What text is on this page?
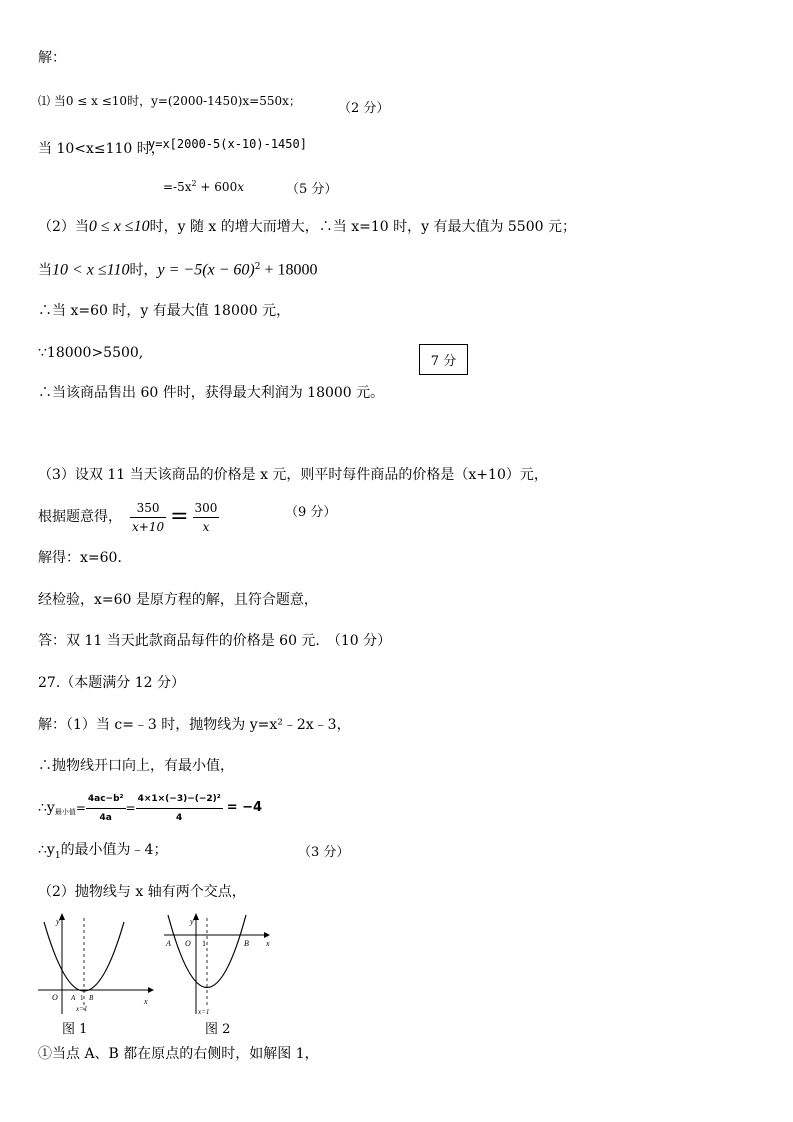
解：
⑴ 当0 ≤ x ≤10时，y=(2000-1450)x=550x；	（2 分）
当 10<x≤110 时，
y=x[2000-5(x-10)-1450]
$=-5x^2 + 600x$	（5 分）
（2）当0 ≤ x ≤10时，y 随 x 的增大而增大，∴当 x=10 时，y 有最大值为 5500 元；
当10 < x ≤110时，$y = -5(x - 60)^2 + 18000$
∴当 x=60 时，y 有最大值 18000 元，
∵18000>5500,
7 分
∴当该商品售出 60 件时，获得最大利润为 18000 元。
（3）设双 11 当天该商品的价格是 x 元，则平时每件商品的价格是（x+10）元，
根据题意得， $\frac{350}{x+10} = \frac{300}{x}$	（9 分）
解得：x=60．
经检验，x=60 是原方程的解，且符合题意，
答：双 11 当天此款商品每件的价格是 60 元.　（10 分）
27.（本题满分 12 分）
解：（1）当 c=﹣3 时，抛物线为 y=x²﹣2x﹣3，
∴抛物线开口向上，有最小值，
∴y 最小值 = $\frac{\text{4ac−b²}}{4a} = \frac{\text{4×1×(−3)−(−2)²}}{4} = -4$
$\therefore y_1$的最小值为﹣4；	（3 分）
（2）抛物线与 x 轴有两个交点，
y
x
O A 1 B
x=1
图 1
y
x
A O 1	B
x=1
图 2
①当点 A、B 都在原点的右侧时，如解图 1，
